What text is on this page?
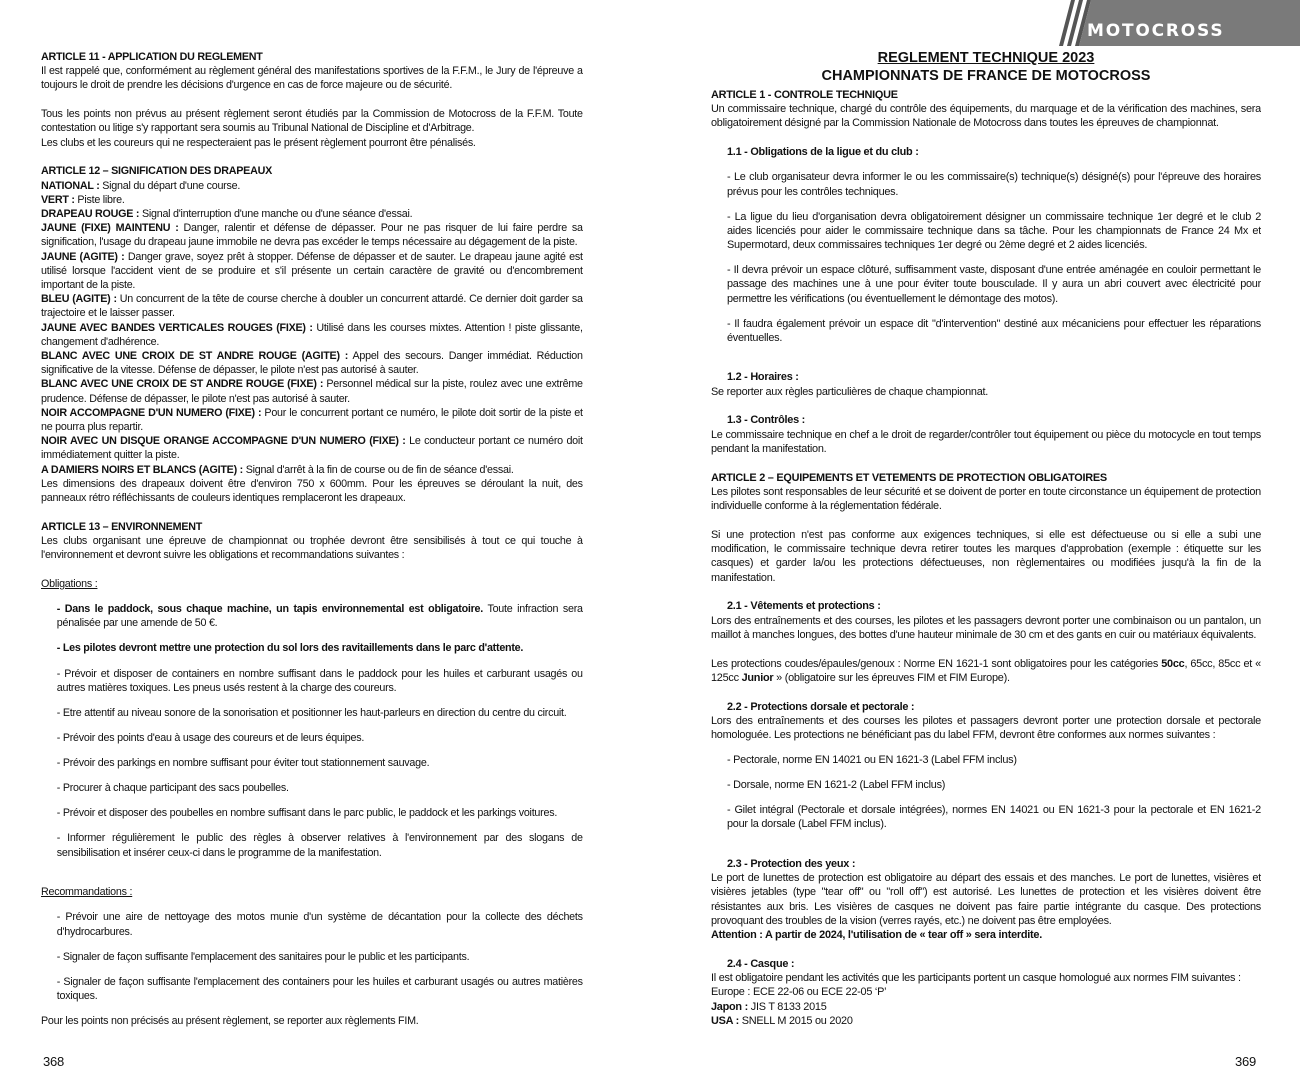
MOTOCROSS
ARTICLE 11 - APPLICATION DU REGLEMENT

Il est rappelé que, conformément au règlement général des manifestations sportives de la F.F.M., le Jury de l'épreuve a toujours le droit de prendre les décisions d'urgence en cas de force majeure ou de sécurité.

Tous les points non prévus au présent règlement seront étudiés par la Commission de Motocross de la F.F.M. Toute contestation ou litige s'y rapportant sera soumis au Tribunal National de Discipline et d'Arbitrage.

Les clubs et les coureurs qui ne respecteraient pas le présent règlement pourront être pénalisés.

ARTICLE 12 – SIGNIFICATION DES DRAPEAUX

NATIONAL : Signal du départ d'une course.

VERT : Piste libre.

DRAPEAU ROUGE : Signal d'interruption d'une manche ou d'une séance d'essai.

JAUNE (FIXE) MAINTENU : Danger, ralentir et défense de dépasser. Pour ne pas risquer de lui faire perdre sa signification, l'usage du drapeau jaune immobile ne devra pas excéder le temps nécessaire au dégagement de la piste.

JAUNE (AGITE) : Danger grave, soyez prêt à stopper. Défense de dépasser et de sauter. Le drapeau jaune agité est utilisé lorsque l'accident vient de se produire et s'il présente un certain caractère de gravité ou d'encombrement important de la piste.

BLEU (AGITE) : Un concurrent de la tête de course cherche à doubler un concurrent attardé. Ce dernier doit garder sa trajectoire et le laisser passer.

JAUNE AVEC BANDES VERTICALES ROUGES (FIXE) : Utilisé dans les courses mixtes. Attention ! piste glissante, changement d'adhérence.

BLANC AVEC UNE CROIX DE ST ANDRE ROUGE (AGITE) : Appel des secours. Danger immédiat. Réduction significative de la vitesse. Défense de dépasser, le pilote n'est pas autorisé à sauter.

BLANC AVEC UNE CROIX DE ST ANDRE ROUGE (FIXE) : Personnel médical sur la piste, roulez avec une extrême prudence. Défense de dépasser, le pilote n'est pas autorisé à sauter.

NOIR ACCOMPAGNE D'UN NUMERO (FIXE) : Pour le concurrent portant ce numéro, le pilote doit sortir de la piste et ne pourra plus repartir.

NOIR AVEC UN DISQUE ORANGE ACCOMPAGNE D'UN NUMERO (FIXE) : Le conducteur portant ce numéro doit immédiatement quitter la piste.

A DAMIERS NOIRS ET BLANCS (AGITE) : Signal d'arrêt à la fin de course ou de fin de séance d'essai.

Les dimensions des drapeaux doivent être d'environ 750 x 600mm. Pour les épreuves se déroulant la nuit, des panneaux rétro réfléchissants de couleurs identiques remplaceront les drapeaux.

ARTICLE 13 – ENVIRONNEMENT

Les clubs organisant une épreuve de championnat ou trophée devront être sensibilisés à tout ce qui touche à l'environnement et devront suivre les obligations et recommandations suivantes :

Obligations :

- Dans le paddock, sous chaque machine, un tapis environnemental est obligatoire. Toute infraction sera pénalisée par une amende de 50 €.

- Les pilotes devront mettre une protection du sol lors des ravitaillements dans le parc d'attente.

- Prévoir et disposer de containers en nombre suffisant dans le paddock pour les huiles et carburant usagés ou autres matières toxiques. Les pneus usés restent à la charge des coureurs.

- Etre attentif au niveau sonore de la sonorisation et positionner les haut-parleurs en direction du centre du circuit.

- Prévoir des points d'eau à usage des coureurs et de leurs équipes.

- Prévoir des parkings en nombre suffisant pour éviter tout stationnement sauvage.

- Procurer à chaque participant des sacs poubelles.

- Prévoir et disposer des poubelles en nombre suffisant dans le parc public, le paddock et les parkings voitures.

- Informer régulièrement le public des règles à observer relatives à l'environnement par des slogans de sensibilisation et insérer ceux-ci dans le programme de la manifestation.

Recommandations :

- Prévoir une aire de nettoyage des motos munie d'un système de décantation pour la collecte des déchets d'hydrocarbures.

- Signaler de façon suffisante l'emplacement des sanitaires pour le public et les participants.

- Signaler de façon suffisante l'emplacement des containers pour les huiles et carburant usagés ou autres matières toxiques.

Pour les points non précisés au présent règlement, se reporter aux règlements FIM.

368
REGLEMENT TECHNIQUE 2023
CHAMPIONNATS DE FRANCE DE MOTOCROSS
ARTICLE 1 - CONTROLE TECHNIQUE

Un commissaire technique, chargé du contrôle des équipements, du marquage et de la vérification des machines, sera obligatoirement désigné par la Commission Nationale de Motocross dans toutes les épreuves de championnat.

1.1 - Obligations de la ligue et du club :

- Le club organisateur devra informer le ou les commissaire(s) technique(s) désigné(s) pour l'épreuve des horaires prévus pour les contrôles techniques.

- La ligue du lieu d'organisation devra obligatoirement désigner un commissaire technique 1er degré et le club 2 aides licenciés pour aider le commissaire technique dans sa tâche. Pour les championnats de France 24 Mx et Supermotard, deux commissaires techniques 1er degré ou 2ème degré et 2 aides licenciés.

- Il devra prévoir un espace clôturé, suffisamment vaste, disposant d'une entrée aménagée en couloir permettant le passage des machines une à une pour éviter toute bousculade. Il y aura un abri couvert avec électricité pour permettre les vérifications (ou éventuellement le démontage des motos).

- Il faudra également prévoir un espace dit "d'intervention" destiné aux mécaniciens pour effectuer les réparations éventuelles.

1.2 - Horaires :

Se reporter aux règles particulières de chaque championnat.

1.3 - Contrôles :

Le commissaire technique en chef a le droit de regarder/contrôler tout équipement ou pièce du motocycle en tout temps pendant la manifestation.

ARTICLE 2 – EQUIPEMENTS ET VETEMENTS DE PROTECTION OBLIGATOIRES

Les pilotes sont responsables de leur sécurité et se doivent de porter en toute circonstance un équipement de protection individuelle conforme à la réglementation fédérale.

Si une protection n'est pas conforme aux exigences techniques, si elle est défectueuse ou si elle a subi une modification, le commissaire technique devra retirer toutes les marques d'approbation (exemple : étiquette sur les casques) et garder la/ou les protections défectueuses, non règlementaires ou modifiées jusqu'à la fin de la manifestation.

2.1 - Vêtements et protections :

Lors des entraînements et des courses, les pilotes et les passagers devront porter une combinaison ou un pantalon, un maillot à manches longues, des bottes d'une hauteur minimale de 30 cm et des gants en cuir ou matériaux équivalents.

Les protections coudes/épaules/genoux : Norme EN 1621-1 sont obligatoires pour les catégories 50cc, 65cc, 85cc et « 125cc Junior » (obligatoire sur les épreuves FIM et FIM Europe).

2.2 - Protections dorsale et pectorale :

Lors des entraînements et des courses les pilotes et passagers devront porter une protection dorsale et pectorale homologuée. Les protections ne bénéficiant pas du label FFM, devront être conformes aux normes suivantes :

- Pectorale, norme EN 14021 ou EN 1621-3 (Label FFM inclus)

- Dorsale, norme EN 1621-2 (Label FFM inclus)

- Gilet intégral (Pectorale et dorsale intégrées), normes EN 14021 ou EN 1621-3 pour la pectorale et EN 1621-2 pour la dorsale (Label FFM inclus).

2.3 - Protection des yeux :

Le port de lunettes de protection est obligatoire au départ des essais et des manches. Le port de lunettes, visières et visières jetables (type "tear off" ou "roll off") est autorisé. Les lunettes de protection et les visières doivent être résistantes aux bris. Les visières de casques ne doivent pas faire partie intégrante du casque. Des protections provoquant des troubles de la vision (verres rayés, etc.) ne doivent pas être employées.

Attention : A partir de 2024, l'utilisation de « tear off » sera interdite.

2.4 - Casque :

Il est obligatoire pendant les activités que les participants portent un casque homologué aux normes FIM suivantes :

Europe : ECE 22-06 ou ECE 22-05 ‘P’

Japon : JIS T 8133 2015

USA : SNELL M 2015 ou 2020

369
